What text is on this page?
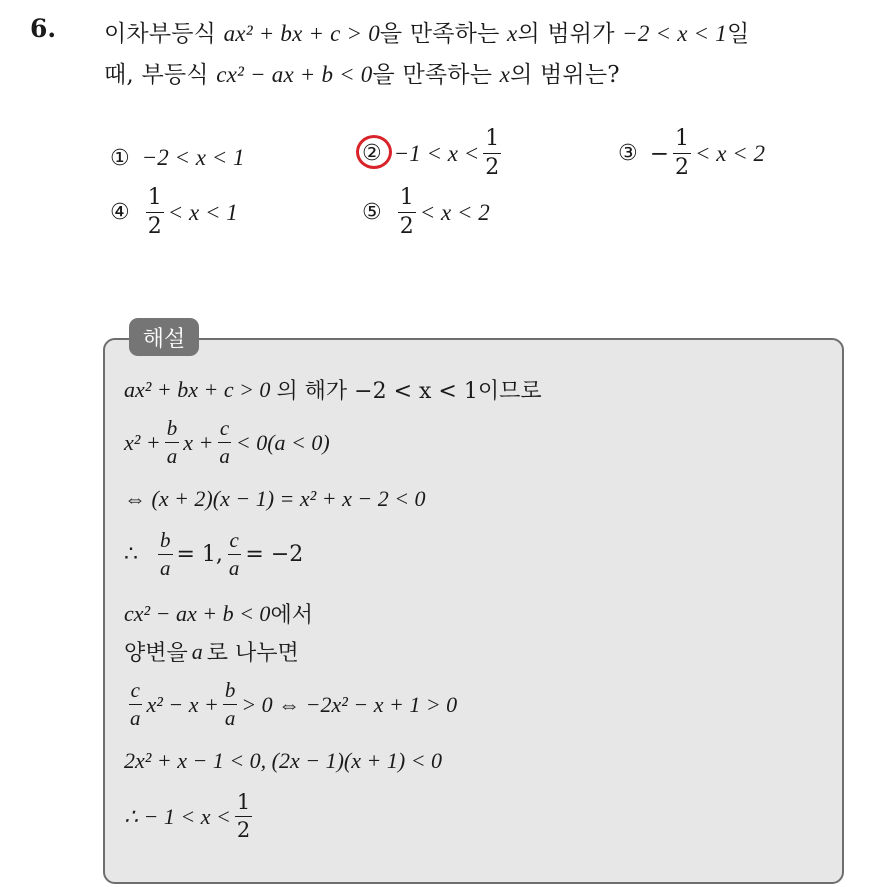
6. 이차부등식 ax² + bx + c > 0을 만족하는 x의 범위가 −2 < x < 1일
때, 부등식 cx² − ax + b < 0을 만족하는 x의 범위는?
① −2 < x < 1	② $-1 < x < \frac{1}{2}$	③ − $\frac{1}{2} < x < 2$
④ $\frac{1}{2} < x < 1$	⑤ $\frac{1}{2} < x < 2$
해설
ax² + bx + c > 0 의 해가 −2 < x < 1이므로
$x^2 + \frac{b}{a}$ $x + \frac{c}{a} < 0(a < 0)$
⇔ (x + 2)(x − 1) = x² + x − 2 < 0
∴ $\frac{b}{a} = 1$, $\frac{c}{a} = -2$
cx² − ax + b < 0 에서
양변을 a 로 나누면
$\frac{c}{a} x^2 - x + \frac{b}{a} > 0$ ⇔ −2x² − x + 1 > 0
2x² + x − 1 < 0, (2x − 1)(x + 1) < 0
∴ − $1 < x < \frac{1}{2}$
